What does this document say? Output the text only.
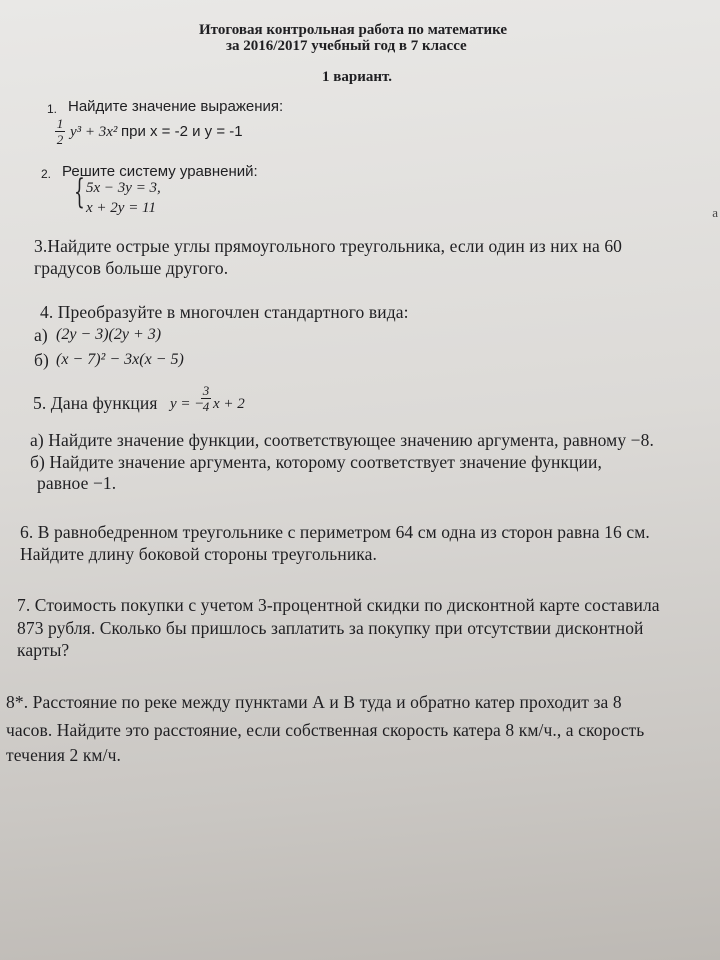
а
Итоговая контрольная работа по математике
за 2016/2017 учебный год в 7 классе
1 вариант.
1. Найдите значение выражения:
1
2 y³ + 3x² при x = -2 и y = -1
2. Решите систему уравнений:
{ 5x − 3y = 3,
x + 2y = 11
3.Найдите острые углы прямоугольного треугольника, если один из них на 60
градусов больше другого.
4. Преобразуйте в многочлен стандартного вида:
а) (2y − 3)(2y + 3)
б) (x − 7)² − 3x(x − 5)
5. Дана функция y = −
3
4 x + 2
а) Найдите значение функции, соответствующее значению аргумента, равному −8.
б) Найдите значение аргумента, которому соответствует значение функции,
равное −1.
6. В равнобедренном треугольнике с периметром 64 см одна из сторон равна 16 см.
Найдите длину боковой стороны треугольника.
7. Стоимость покупки с учетом 3-процентной скидки по дисконтной карте составила
873 рубля. Сколько бы пришлось заплатить за покупку при отсутствии дисконтной
карты?
8*. Расстояние по реке между пунктами А и В туда и обратно катер проходит за 8
часов. Найдите это расстояние, если собственная скорость катера 8 км/ч., а скорость
течения 2 км/ч.
